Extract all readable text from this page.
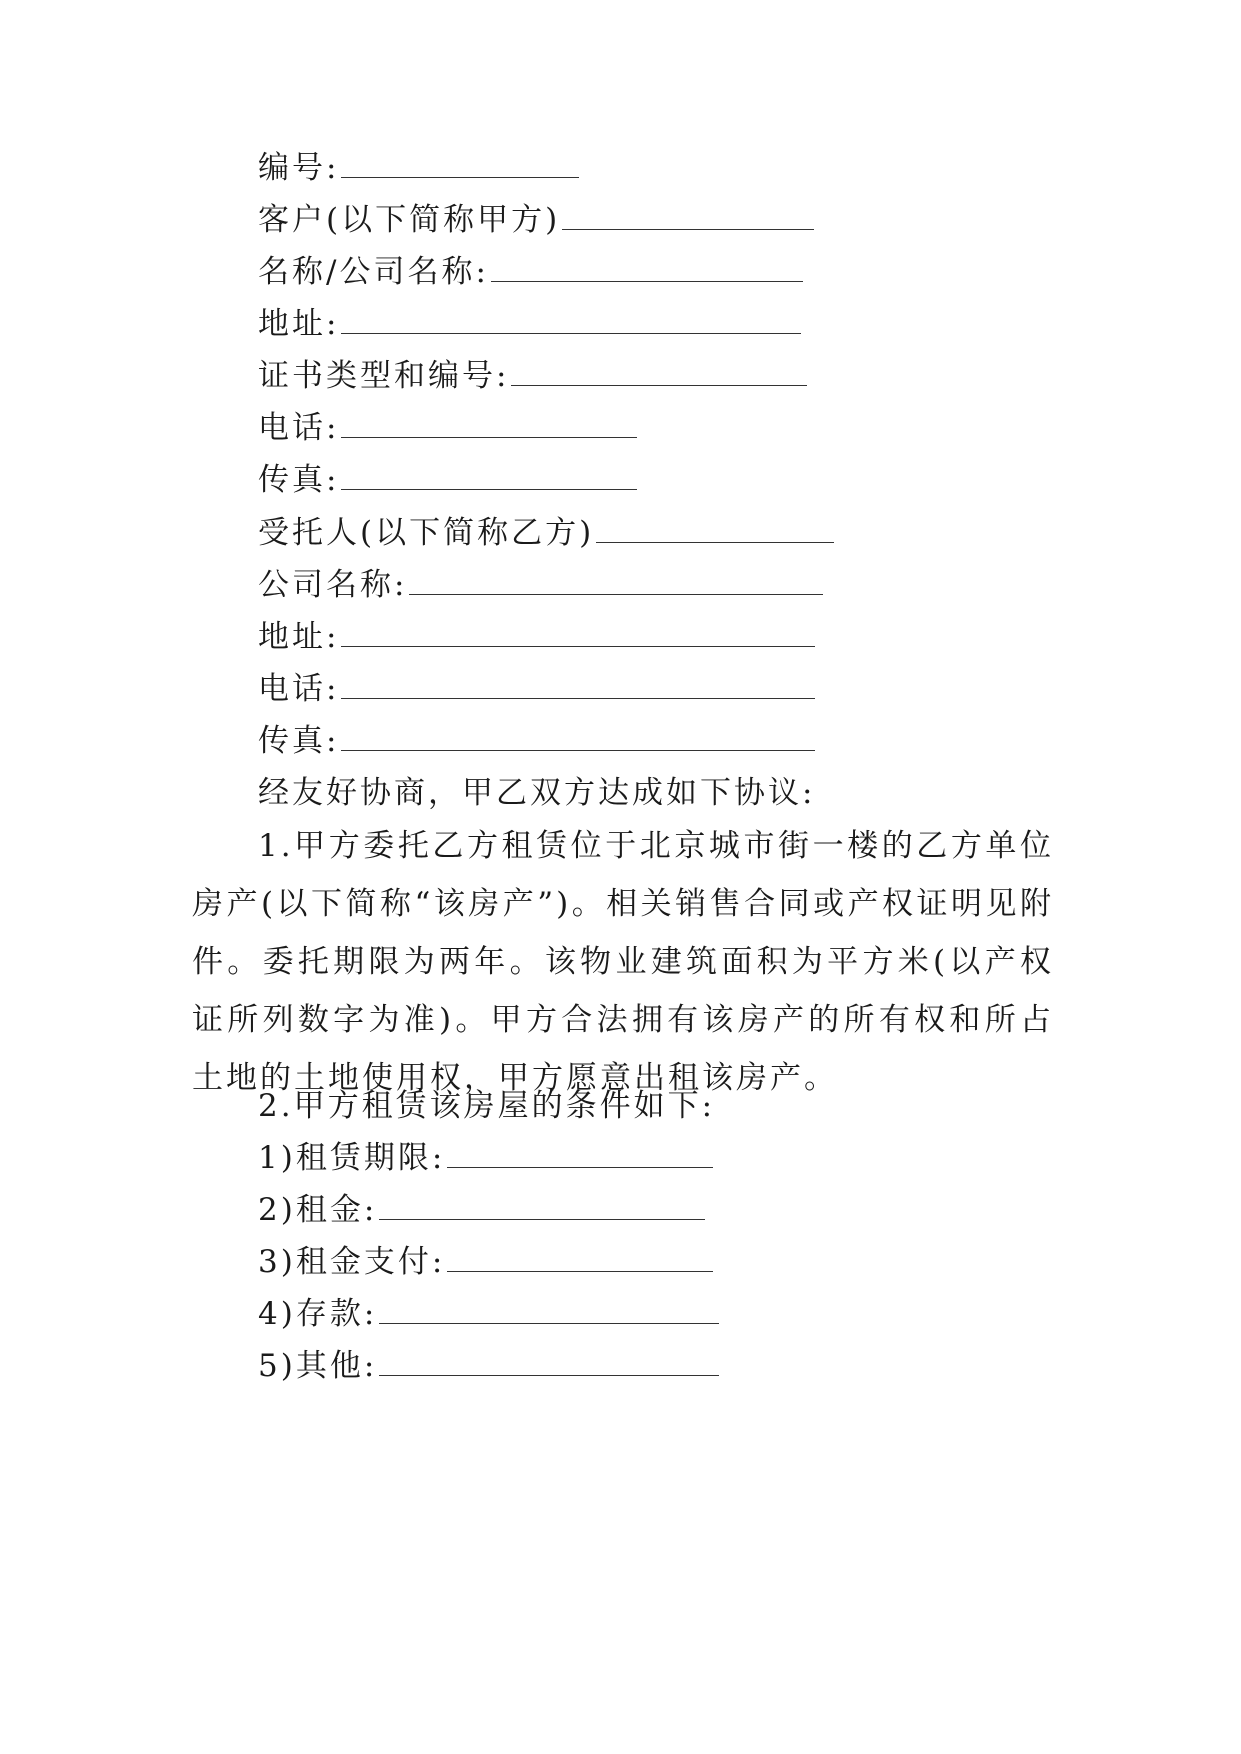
编号:
客户(以下简称甲方)
名称/公司名称:
地址:
证书类型和编号:
电话:
传真:
受托人(以下简称乙方)
公司名称:
地址:
电话:
传真:
经友好协商，甲乙双方达成如下协议:
1.甲方委托乙方租赁位于北京城市街一楼的乙方单位房产(以下简称“该房产”)。相关销售合同或产权证明见附件。委托期限为两年。该物业建筑面积为平方米(以产权证所列数字为准)。甲方合法拥有该房产的所有权和所占土地的土地使用权，甲方愿意出租该房产。
2.甲方租赁该房屋的条件如下:
1)租赁期限:
2)租金:
3)租金支付:
4)存款:
5)其他:
